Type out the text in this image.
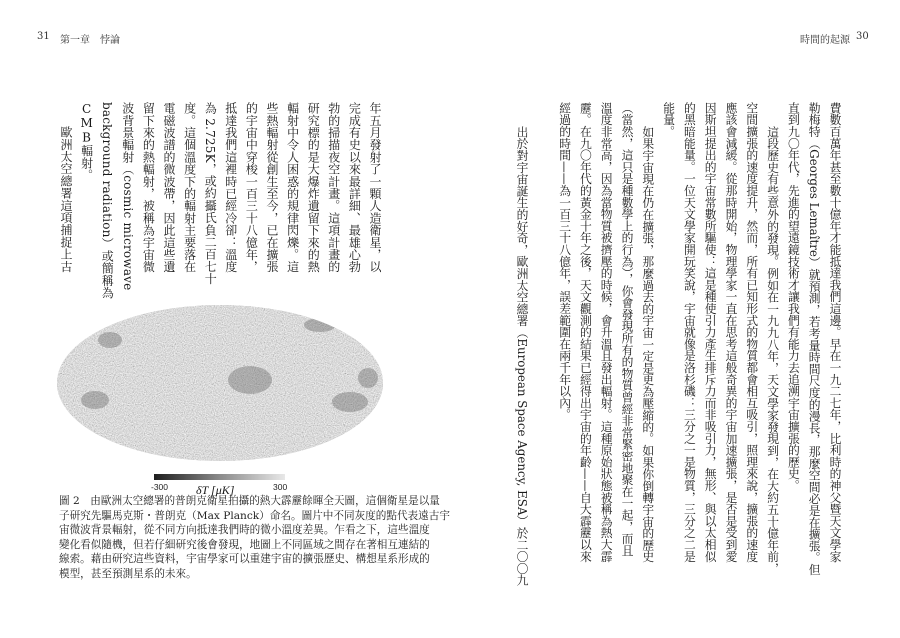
31 第一章　悖論	時間的起源 30
年五月發射了一顆人造衛星，以
完成有史以來最詳細、最雄心勃
勃的掃描夜空計畫。這項計畫的
研究標的是大爆炸遺留下來的熱
輻射中令人困惑的規律閃爍。這
些熱輻射從創生至今，已在擴張
的宇宙中穿梭一百三十八億年，
抵達我們這裡時已經冷卻：溫度
為 2.725K，或約攝氏負二百七十
度。這個溫度下的輻射主要落在
電磁波譜的微波帶，因此這些遺
留下來的熱輻射，被稱為宇宙微
波背景輻射（cosmic microwave
background radiation）或簡稱為
CMB輻射。
歐洲太空總署這項捕捉上古	費數百萬年甚至數十億年才能抵達我們這邊。早在一九二七年，比利時的神父暨天文學家
勒梅特（Georges Lemaître）就預測，若考量時間尺度的漫長，那麼空間必是在擴張。但
直到九〇年代，先進的望遠鏡技術才讓我們有能力去追溯宇宙擴張的歷史。
這段歷史有些意外的發現。例如在一九九八年，天文學家發現到，在大約五十億年前，
空間擴張的速度提升，然而，所有已知形式的物質都會相互吸引，照理來說，擴張的速度
應該會減緩。從那時開始，物理學家一直在思考這般奇異的宇宙加速擴張，是否是受到愛
因斯坦提出的宇宙常數所驅使：這是種使引力產生排斥力而非吸引力，無形、與以太相似
的黑暗能量。一位天文學家開玩笑說，宇宙就像是洛杉磯：三分之一是物質，三分之二是
能量。
如果宇宙現在仍在擴張，那麼過去的宇宙一定是更為壓縮的。如果你倒轉宇宙的歷史
（當然，這只是種數學上的行為），你會發現所有的物質曾經非常緊密地聚在一起，而且
溫度非常高，因為當物質被擠壓的時候，會升溫且發出輻射。這種原始狀態被稱為熱大霹
靂。在九〇年代的黃金十年之後，天文觀測的結果已經得出宇宙的年齡——自大霹靂以來
經過的時間——為一百三十八億年，誤差範圍在兩千年以內。
出於對宇宙誕生的好奇，歐洲太空總署（European Space Agency, ESA）於二〇〇九
-300	300
δT [μK]
圖 2　由歐洲太空總署的普朗克衛星拍攝的熱大霹靂餘暉全天圖，這個衛星是以量
子研究先驅馬克斯・普朗克（Max Planck）命名。圖片中不同灰度的點代表遠古宇
宙微波背景輻射，從不同方向抵達我們時的微小溫度差異。乍看之下，這些溫度
變化看似隨機，但若仔細研究後會發現，地圖上不同區域之間存在著相互連結的
線索。藉由研究這些資料，宇宙學家可以重建宇宙的擴張歷史、構想星系形成的
模型，甚至預測星系的未來。
